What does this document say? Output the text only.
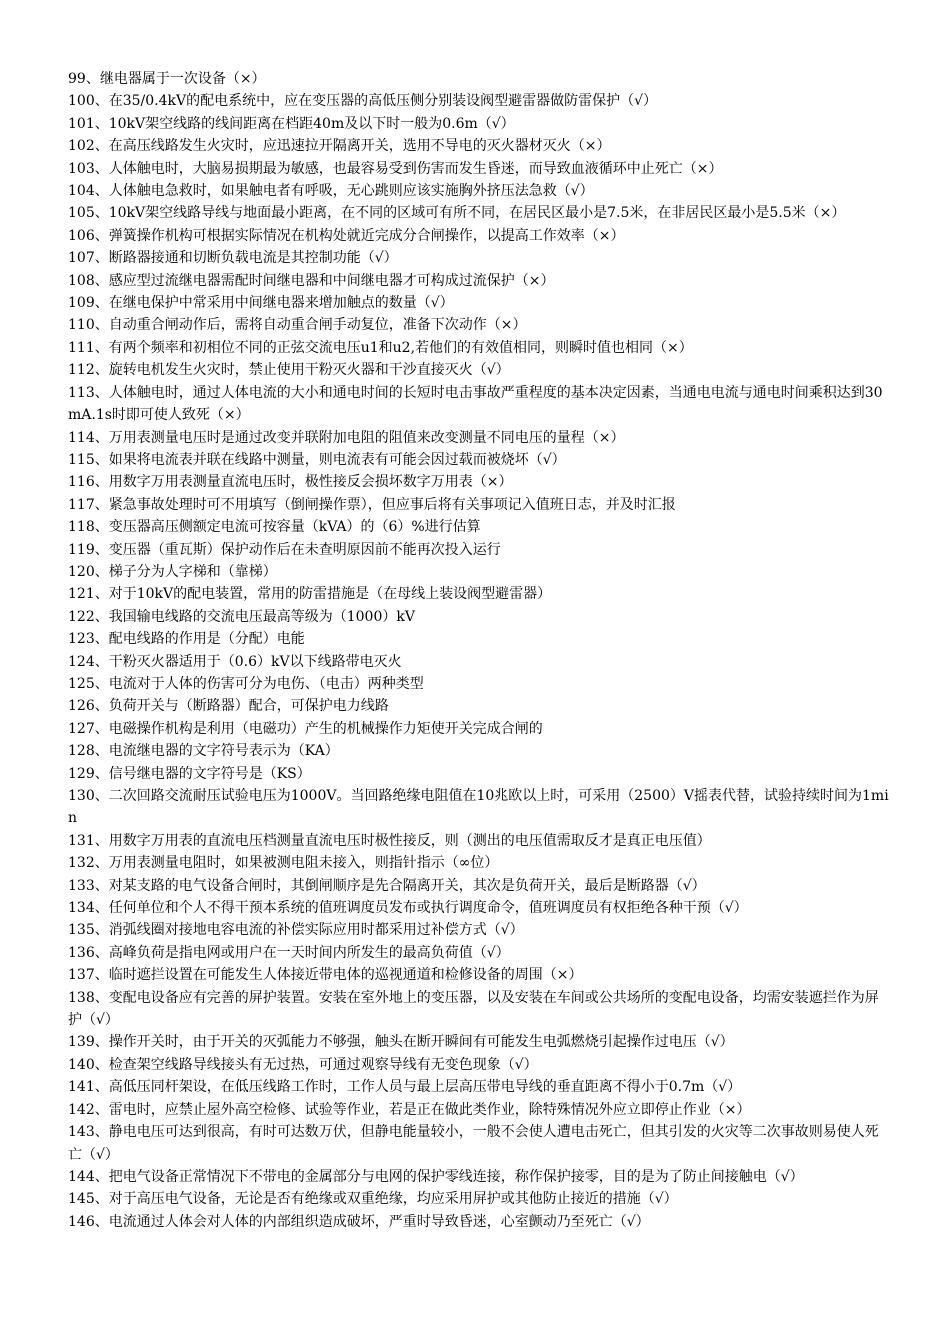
99、继电器属于一次设备（×）

100、在35/0.4kV的配电系统中，应在变压器的高低压侧分别装设阀型避雷器做防雷保护（√）

101、10kV架空线路的线间距离在档距40m及以下时一般为0.6m（√）

102、在高压线路发生火灾时，应迅速拉开隔离开关，选用不导电的灭火器材灭火（×）

103、人体触电时，大脑易损期最为敏感，也最容易受到伤害而发生昏迷，而导致血液循环中止死亡（×）

104、人体触电急救时，如果触电者有呼吸，无心跳则应该实施胸外挤压法急救（√）

105、10kV架空线路导线与地面最小距离，在不同的区域可有所不同，在居民区最小是7.5米，在非居民区最小是5.5米（×）

106、弹簧操作机构可根据实际情况在机构处就近完成分合闸操作，以提高工作效率（×）

107、断路器接通和切断负载电流是其控制功能（√）

108、感应型过流继电器需配时间继电器和中间继电器才可构成过流保护（×）

109、在继电保护中常采用中间继电器来增加触点的数量（√）

110、自动重合闸动作后，需将自动重合闸手动复位，准备下次动作（×）

111、有两个频率和初相位不同的正弦交流电压u1和u2,若他们的有效值相同，则瞬时值也相同（×）

112、旋转电机发生火灾时，禁止使用干粉灭火器和干沙直接灭火（√）

113、人体触电时，通过人体电流的大小和通电时间的长短时电击事故严重程度的基本决定因素，当通电电流与通电时间乘积达到30mA.1s时即可使人致死（×）

114、万用表测量电压时是通过改变并联附加电阻的阻值来改变测量不同电压的量程（×）

115、如果将电流表并联在线路中测量，则电流表有可能会因过载而被烧坏（√）

116、用数字万用表测量直流电压时，极性接反会损坏数字万用表（×）

117、紧急事故处理时可不用填写（倒闸操作票），但应事后将有关事项记入值班日志，并及时汇报

118、变压器高压侧额定电流可按容量（kVA）的（6）%进行估算

119、变压器（重瓦斯）保护动作后在未查明原因前不能再次投入运行

120、梯子分为人字梯和（靠梯）

121、对于10kV的配电装置，常用的防雷措施是（在母线上装设阀型避雷器）

122、我国输电线路的交流电压最高等级为（1000）kV

123、配电线路的作用是（分配）电能

124、干粉灭火器适用于（0.6）kV以下线路带电灭火

125、电流对于人体的伤害可分为电伤、（电击）两种类型

126、负荷开关与（断路器）配合，可保护电力线路

127、电磁操作机构是利用（电磁功）产生的机械操作力矩使开关完成合闸的

128、电流继电器的文字符号表示为（KA）

129、信号继电器的文字符号是（KS）

130、二次回路交流耐压试验电压为1000V。当回路绝缘电阻值在10兆欧以上时，可采用（2500）V摇表代替，试验持续时间为1min

131、用数字万用表的直流电压档测量直流电压时极性接反，则（测出的电压值需取反才是真正电压值）

132、万用表测量电阻时，如果被测电阻未接入，则指针指示（∞位）

133、对某支路的电气设备合闸时，其倒闸顺序是先合隔离开关，其次是负荷开关，最后是断路器（√）

134、任何单位和个人不得干预本系统的值班调度员发布或执行调度命令，值班调度员有权拒绝各种干预（√）

135、消弧线圈对接地电容电流的补偿实际应用时都采用过补偿方式（√）

136、高峰负荷是指电网或用户在一天时间内所发生的最高负荷值（√）

137、临时遮拦设置在可能发生人体接近带电体的巡视通道和检修设备的周围（×）

138、变配电设备应有完善的屏护装置。安装在室外地上的变压器，以及安装在车间或公共场所的变配电设备，均需安装遮拦作为屏护（√）

139、操作开关时，由于开关的灭弧能力不够强，触头在断开瞬间有可能发生电弧燃烧引起操作过电压（√）

140、检查架空线路导线接头有无过热，可通过观察导线有无变色现象（√）

141、高低压同杆架设，在低压线路工作时，工作人员与最上层高压带电导线的垂直距离不得小于0.7m（√）

142、雷电时，应禁止屋外高空检修、试验等作业，若是正在做此类作业，除特殊情况外应立即停止作业（×）

143、静电电压可达到很高，有时可达数万伏，但静电能量较小，一般不会使人遭电击死亡，但其引发的火灾等二次事故则易使人死亡（√）

144、把电气设备正常情况下不带电的金属部分与电网的保护零线连接，称作保护接零，目的是为了防止间接触电（√）

145、对于高压电气设备，无论是否有绝缘或双重绝缘，均应采用屏护或其他防止接近的措施（√）

146、电流通过人体会对人体的内部组织造成破坏，严重时导致昏迷，心室颤动乃至死亡（√）
